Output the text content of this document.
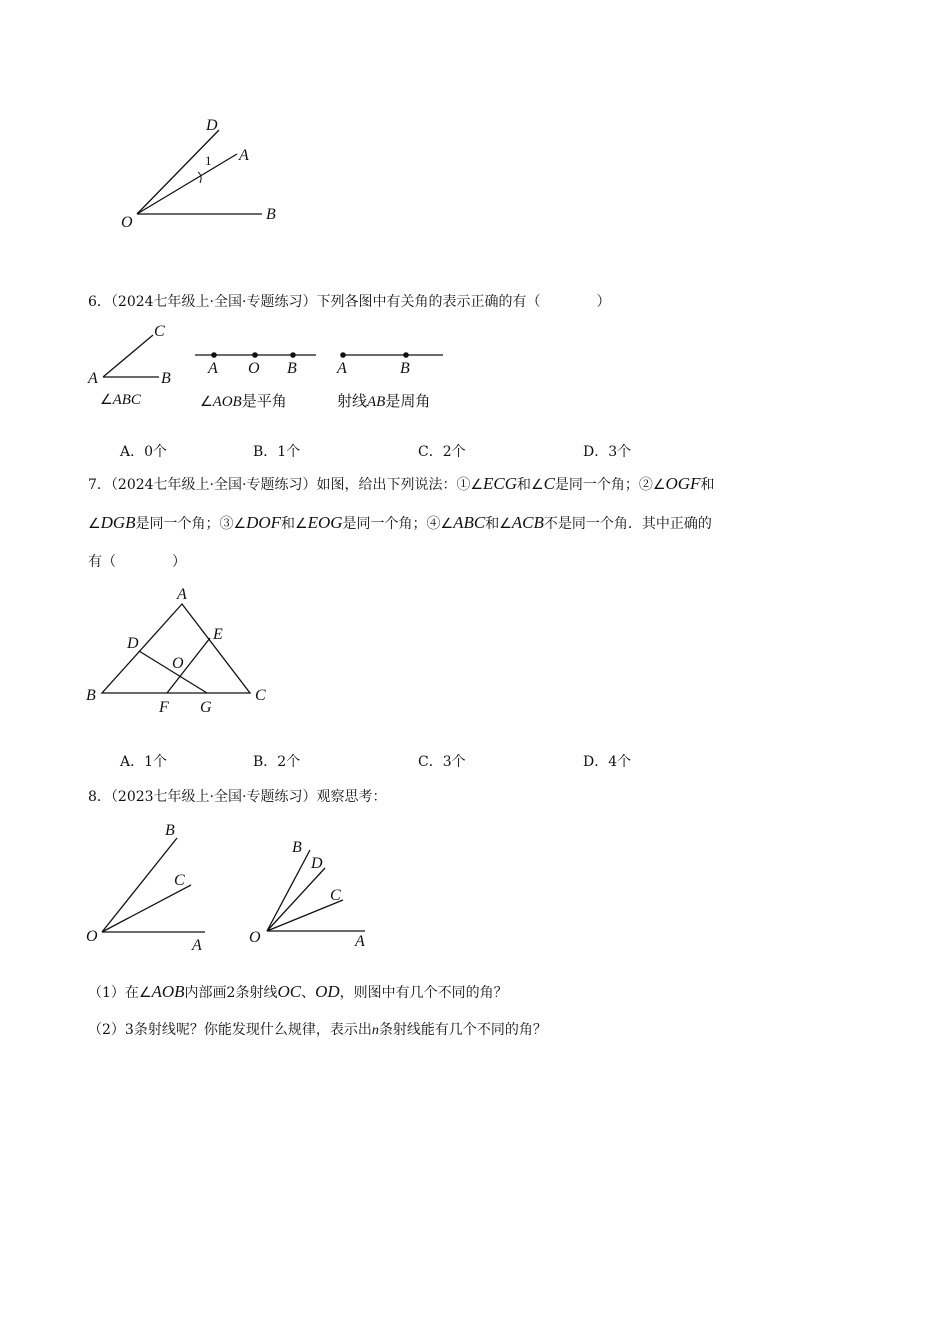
D
A
1
O	B
6．（2024七年级上·全国·专题练习）下列各图中有关角的表示正确的有（　　　　）
C
A	B
A O B	A	B
∠ABC	∠AOB是平角	射线AB是周角
A．0个	B．1个	C．2个	D．3个
7．（2024七年级上·全国·专题练习）如图，给出下列说法：①∠ECG和∠C是同一个角；②∠OGF和
∠DGB是同一个角；③∠DOF和∠EOG是同一个角；④∠ABC和∠ACB不是同一个角．其中正确的
有（　　　　）
A
D
E
O
B	C
F G
A．1个	B．2个	C．3个	D．4个
8．（2023七年级上·全国·专题练习）观察思考：
B
C
O
A
B
D
C
O	A
（1）在∠AOB内部画2条射线OC、OD，则图中有几个不同的角？
（2）3条射线呢？你能发现什么规律，表示出n条射线能有几个不同的角？
